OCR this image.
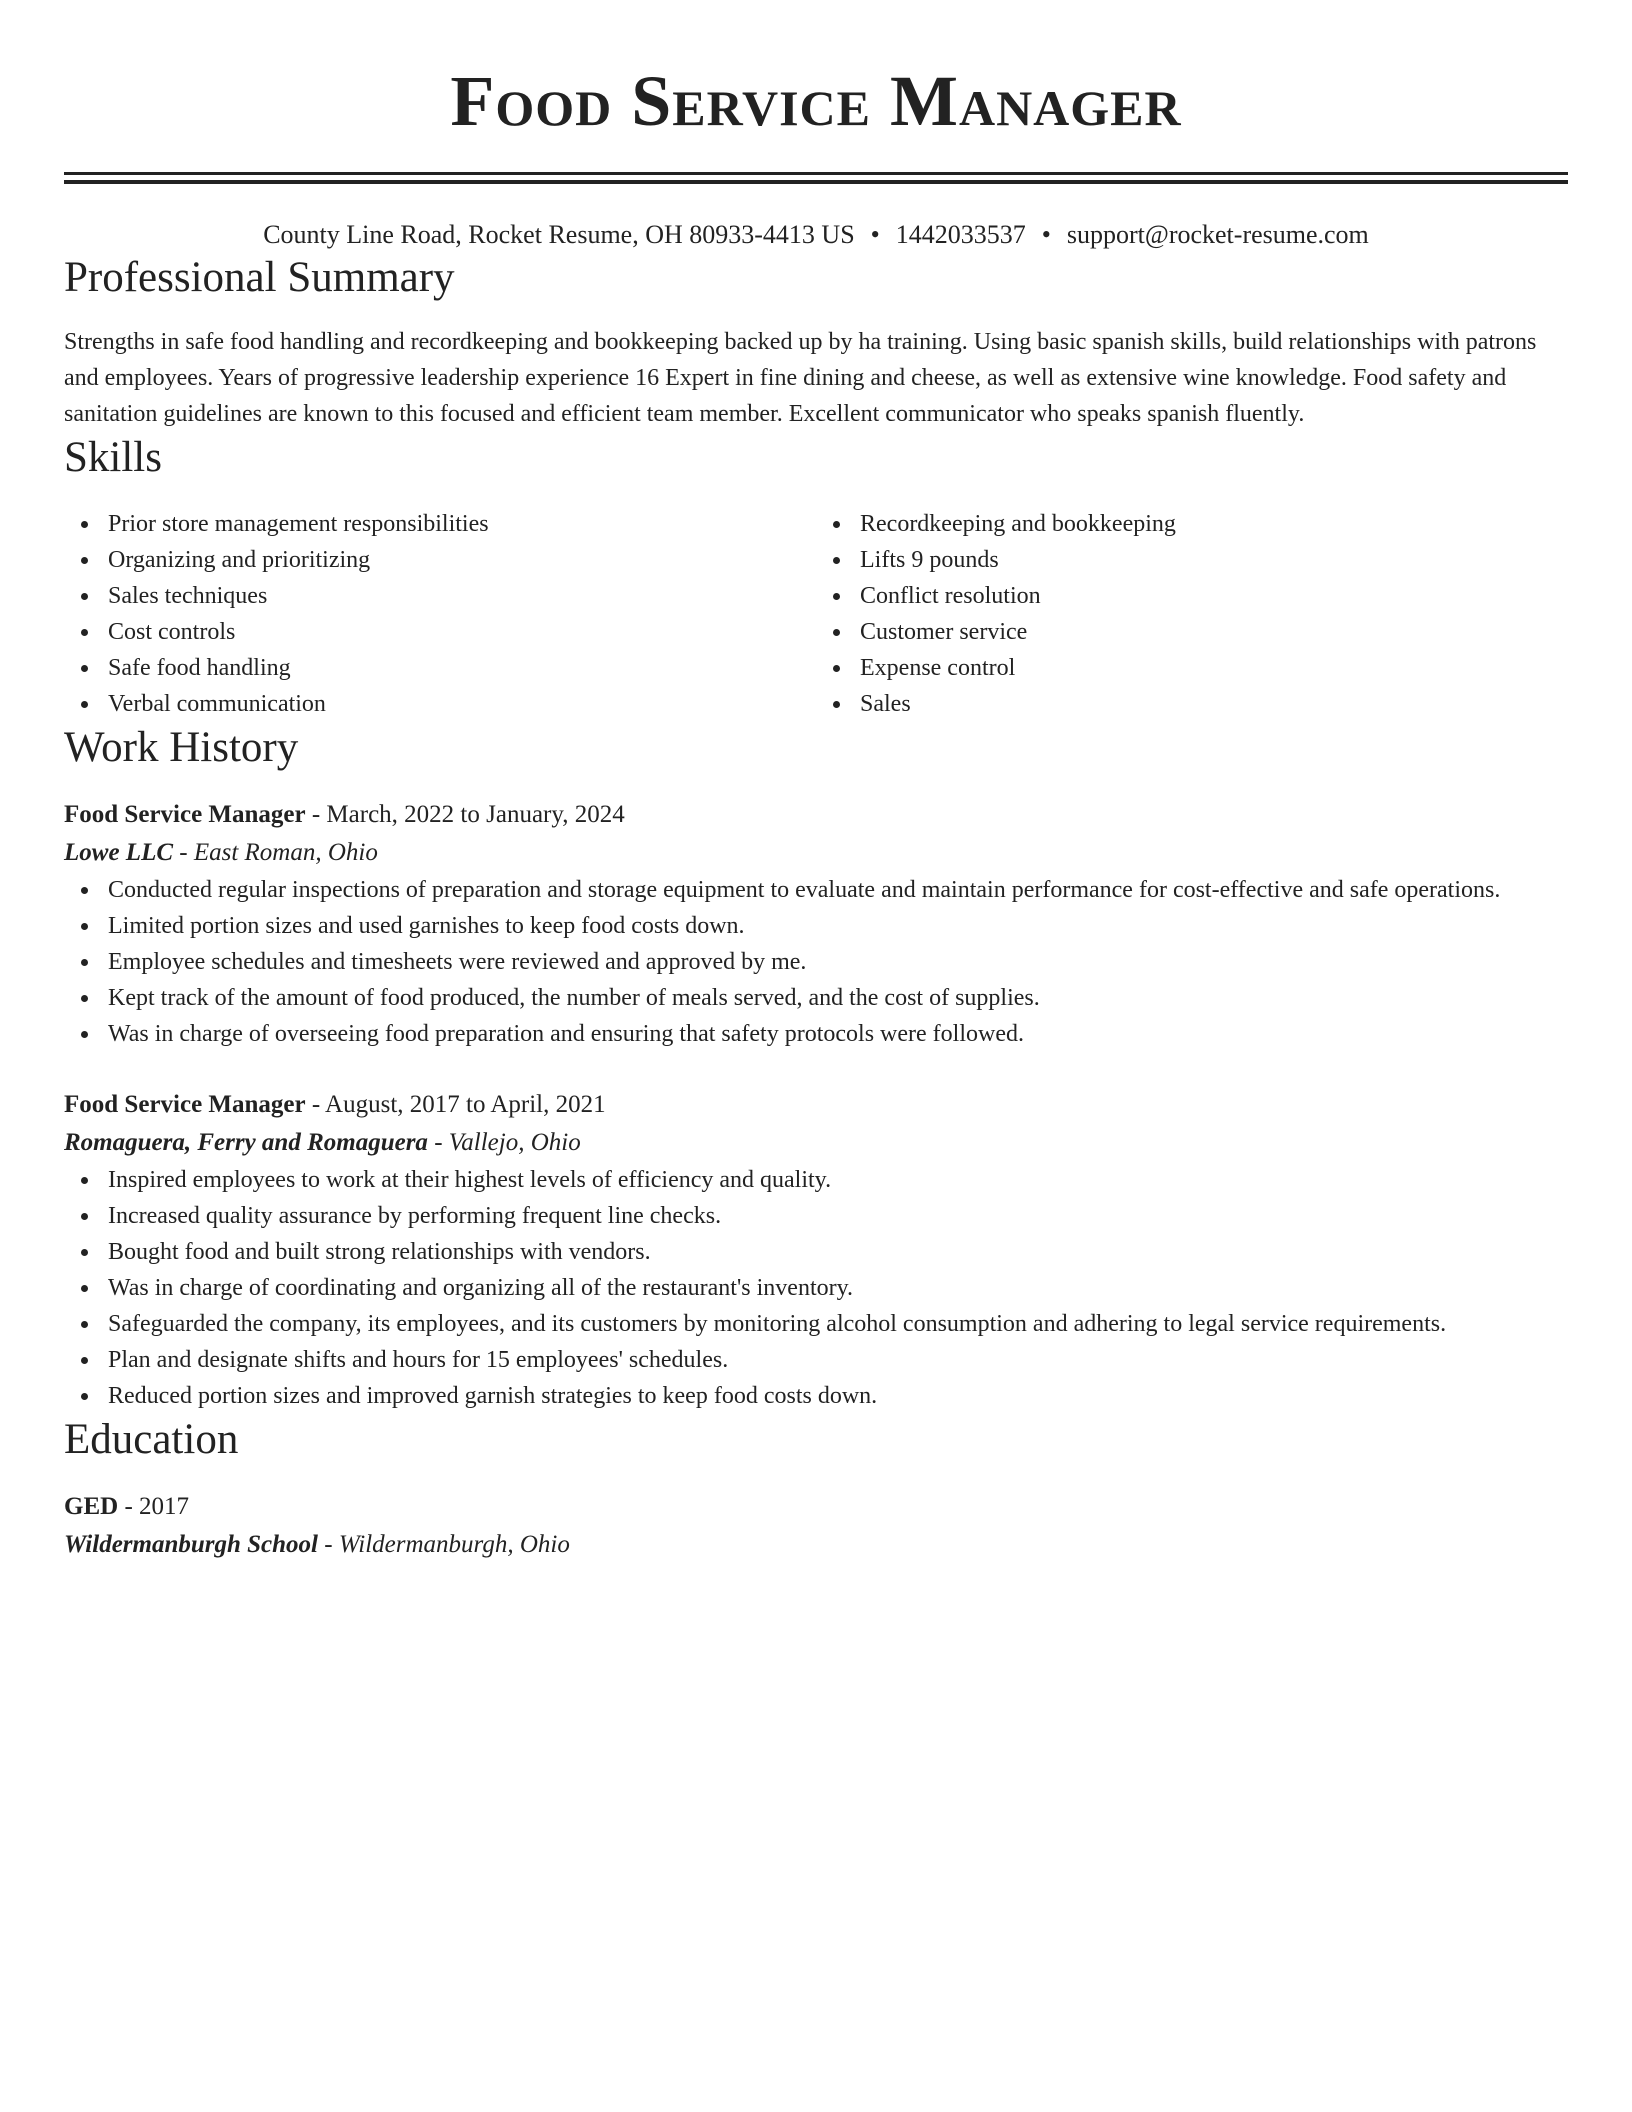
Food Service Manager
County Line Road, Rocket Resume, OH 80933-4413 US • 1442033537 • support@rocket-resume.com
Professional Summary

Strengths in safe food handling and recordkeeping and bookkeeping backed up by ha training. Using basic spanish skills, build relationships with patrons and employees. Years of progressive leadership experience 16 Expert in fine dining and cheese, as well as extensive wine knowledge. Food safety and sanitation guidelines are known to this focused and efficient team member. Excellent communicator who speaks spanish fluently.

Skills
Prior store management responsibilities
Organizing and prioritizing
Sales techniques
Cost controls
Safe food handling
Verbal communication
Recordkeeping and bookkeeping
Lifts 9 pounds
Conflict resolution
Customer service
Expense control
Sales
Work History
Food Service Manager - March, 2022 to January, 2024
Lowe LLC - East Roman, Ohio
Conducted regular inspections of preparation and storage equipment to evaluate and maintain performance for cost-effective and safe operations.
Limited portion sizes and used garnishes to keep food costs down.
Employee schedules and timesheets were reviewed and approved by me.
Kept track of the amount of food produced, the number of meals served, and the cost of supplies.
Was in charge of overseeing food preparation and ensuring that safety protocols were followed.
Food Service Manager - August, 2017 to April, 2021
Romaguera, Ferry and Romaguera - Vallejo, Ohio
Inspired employees to work at their highest levels of efficiency and quality.
Increased quality assurance by performing frequent line checks.
Bought food and built strong relationships with vendors.
Was in charge of coordinating and organizing all of the restaurant's inventory.
Safeguarded the company, its employees, and its customers by monitoring alcohol consumption and adhering to legal service requirements.
Plan and designate shifts and hours for 15 employees' schedules.
Reduced portion sizes and improved garnish strategies to keep food costs down.
Education
GED - 2017
Wildermanburgh School - Wildermanburgh, Ohio
